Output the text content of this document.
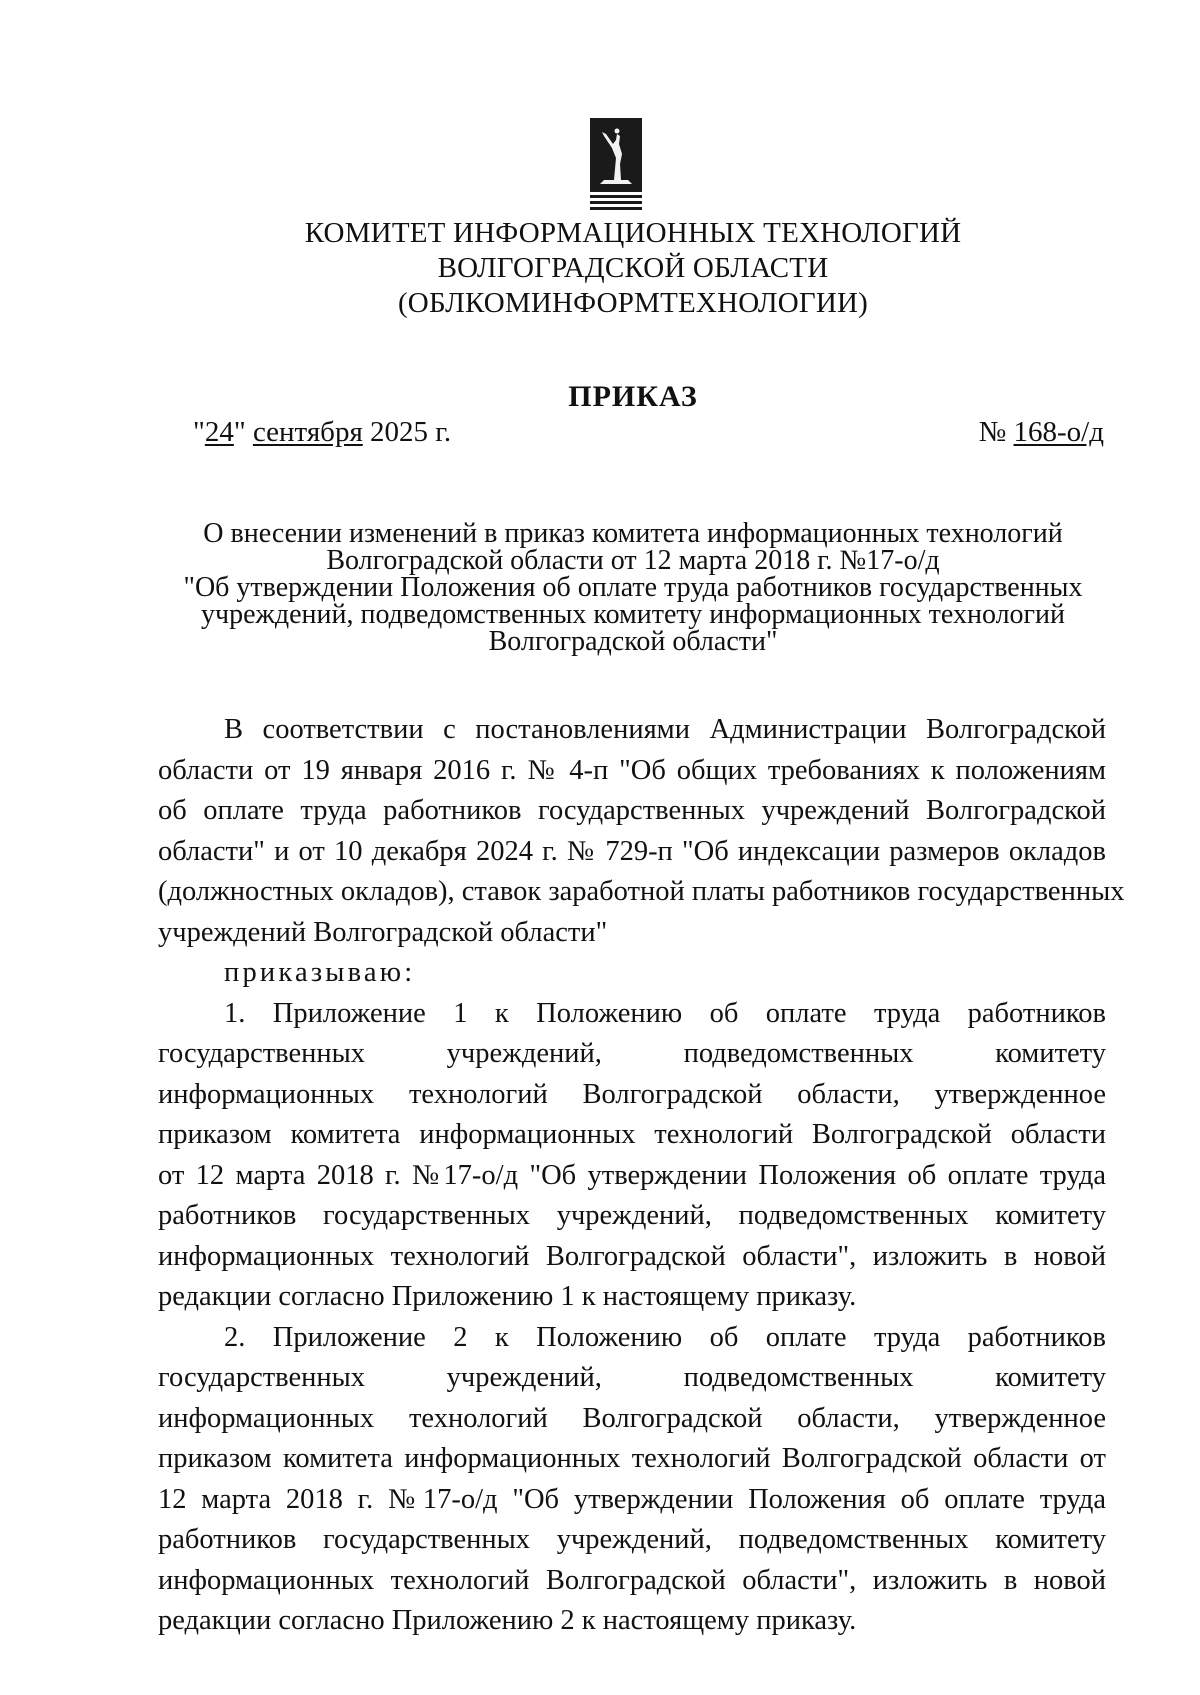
КОМИТЕТ ИНФОРМАЦИОННЫХ ТЕХНОЛОГИЙ
ВОЛГОГРАДСКОЙ ОБЛАСТИ
(ОБЛКОМИНФОРМТЕХНОЛОГИИ)
ПРИКАЗ
"24" сентября 2025 г.	№ 168-о/д
О внесении изменений в приказ комитета информационных технологий
Волгоградской области от 12 марта 2018 г. №17-о/д
"Об утверждении Положения об оплате труда работников государственных
учреждений, подведомственных комитету информационных технологий
Волгоградской области"
В соответствии с постановлениями Администрации Волгоградской
области от 19 января 2016 г. № 4-п "Об общих требованиях к положениям
об оплате труда работников государственных учреждений Волгоградской
области" и от 10 декабря 2024 г. № 729-п "Об индексации размеров окладов
(должностных окладов), ставок заработной платы работников государственных
учреждений Волгоградской области"
приказываю:
1. Приложение 1 к Положению об оплате труда работников
государственных учреждений, подведомственных комитету
информационных технологий Волгоградской области, утвержденное
приказом комитета информационных технологий Волгоградской области
от 12 марта 2018 г. №17-о/д "Об утверждении Положения об оплате труда
работников государственных учреждений, подведомственных комитету
информационных технологий Волгоградской области", изложить в новой
редакции согласно Приложению 1 к настоящему приказу.
2. Приложение 2 к Положению об оплате труда работников
государственных учреждений, подведомственных комитету
информационных технологий Волгоградской области, утвержденное
приказом комитета информационных технологий Волгоградской области от
12 марта 2018 г. №17-о/д "Об утверждении Положения об оплате труда
работников государственных учреждений, подведомственных комитету
информационных технологий Волгоградской области", изложить в новой
редакции согласно Приложению 2 к настоящему приказу.
